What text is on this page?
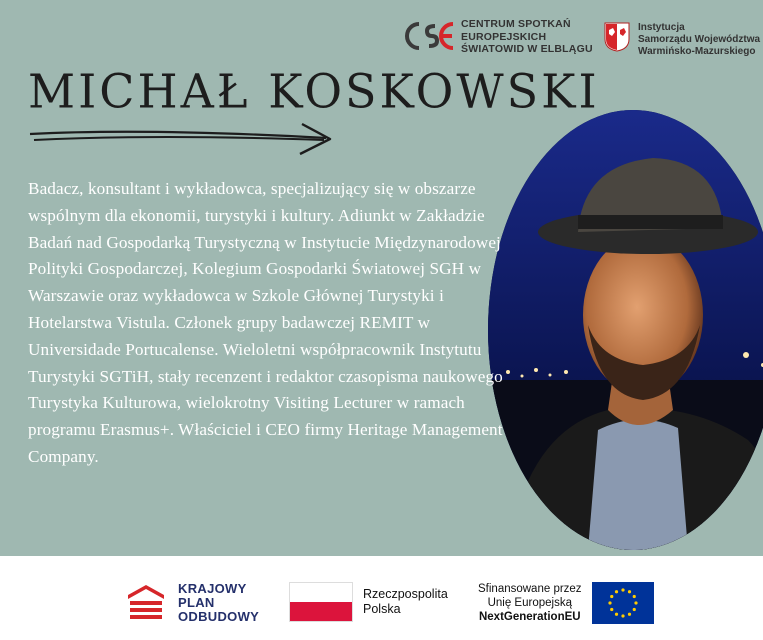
CENTRUM SPOTKAŃ
EUROPEJSKICH
ŚWIATOWID W ELBLĄGU
Instytucja
Samorządu Województwa
Warmińsko-Mazurskiego
MICHAŁ KOSKOWSKI
Badacz, konsultant i wykładowca, specjalizujący się w obszarze wspólnym dla ekonomii, turystyki i kultury. Adiunkt w Zakładzie Badań nad Gospodarką Turystyczną w Instytucie Międzynarodowej Polityki Gospodarczej, Kolegium Gospodarki Światowej SGH w Warszawie oraz wykładowca w Szkole Głównej Turystyki i Hotelarstwa Vistula. Członek grupy badawczej REMIT w Universidade Portucalense. Wieloletni współpracownik Instytutu Turystyki SGTiH, stały recenzent i redaktor czasopisma naukowego Turystyka Kulturowa, wielokrotny Visiting Lecturer w ramach programu Erasmus+. Właściciel i CEO firmy Heritage Management Company.
KRAJOWY
PLAN
ODBUDOWY
Rzeczpospolita
Polska
Sfinansowane przez
Unię Europejską
NextGenerationEU
